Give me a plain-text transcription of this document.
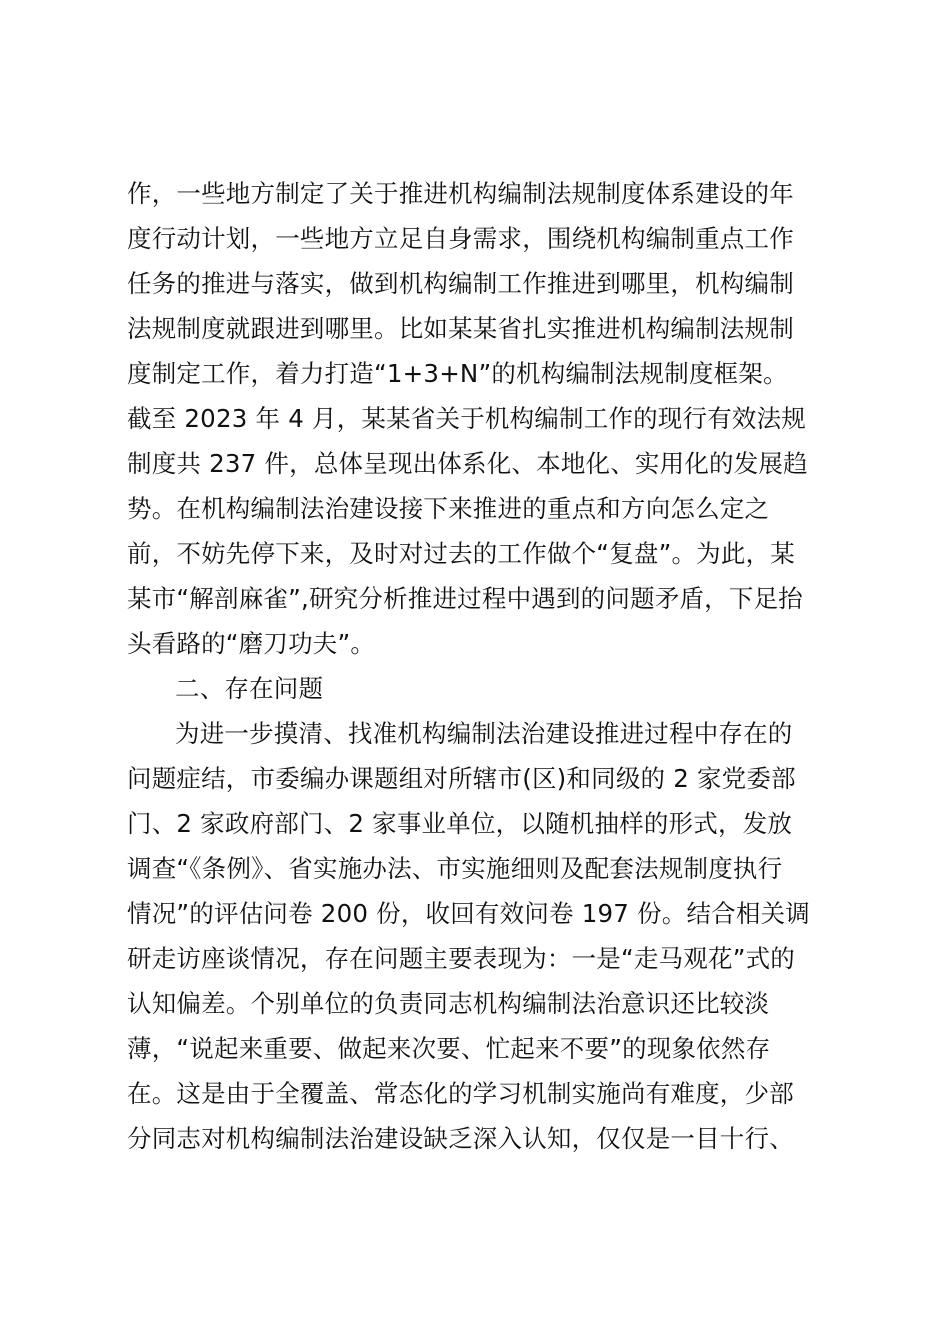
作，一些地方制定了关于推进机构编制法规制度体系建设的年
度行动计划，一些地方立足自身需求，围绕机构编制重点工作
任务的推进与落实，做到机构编制工作推进到哪里，机构编制
法规制度就跟进到哪里。比如某某省扎实推进机构编制法规制
度制定工作，着力打造“1+3+N”的机构编制法规制度框架。
截至 2023 年 4 月，某某省关于机构编制工作的现行有效法规
制度共 237 件，总体呈现出体系化、本地化、实用化的发展趋
势。在机构编制法治建设接下来推进的重点和方向怎么定之
前，不妨先停下来，及时对过去的工作做个“复盘”。为此，某
某市“解剖麻雀”,研究分析推进过程中遇到的问题矛盾，下足抬
头看路的“磨刀功夫”。
二、存在问题
为进一步摸清、找准机构编制法治建设推进过程中存在的
问题症结，市委编办课题组对所辖市(区)和同级的 2 家党委部
门、2 家政府部门、2 家事业单位，以随机抽样的形式，发放
调查“《条例》、省实施办法、市实施细则及配套法规制度执行
情况”的评估问卷 200 份，收回有效问卷 197 份。结合相关调
研走访座谈情况，存在问题主要表现为：一是“走马观花”式的
认知偏差。个别单位的负责同志机构编制法治意识还比较淡
薄，“说起来重要、做起来次要、忙起来不要”的现象依然存
在。这是由于全覆盖、常态化的学习机制实施尚有难度，少部
分同志对机构编制法治建设缺乏深入认知，仅仅是一目十行、
